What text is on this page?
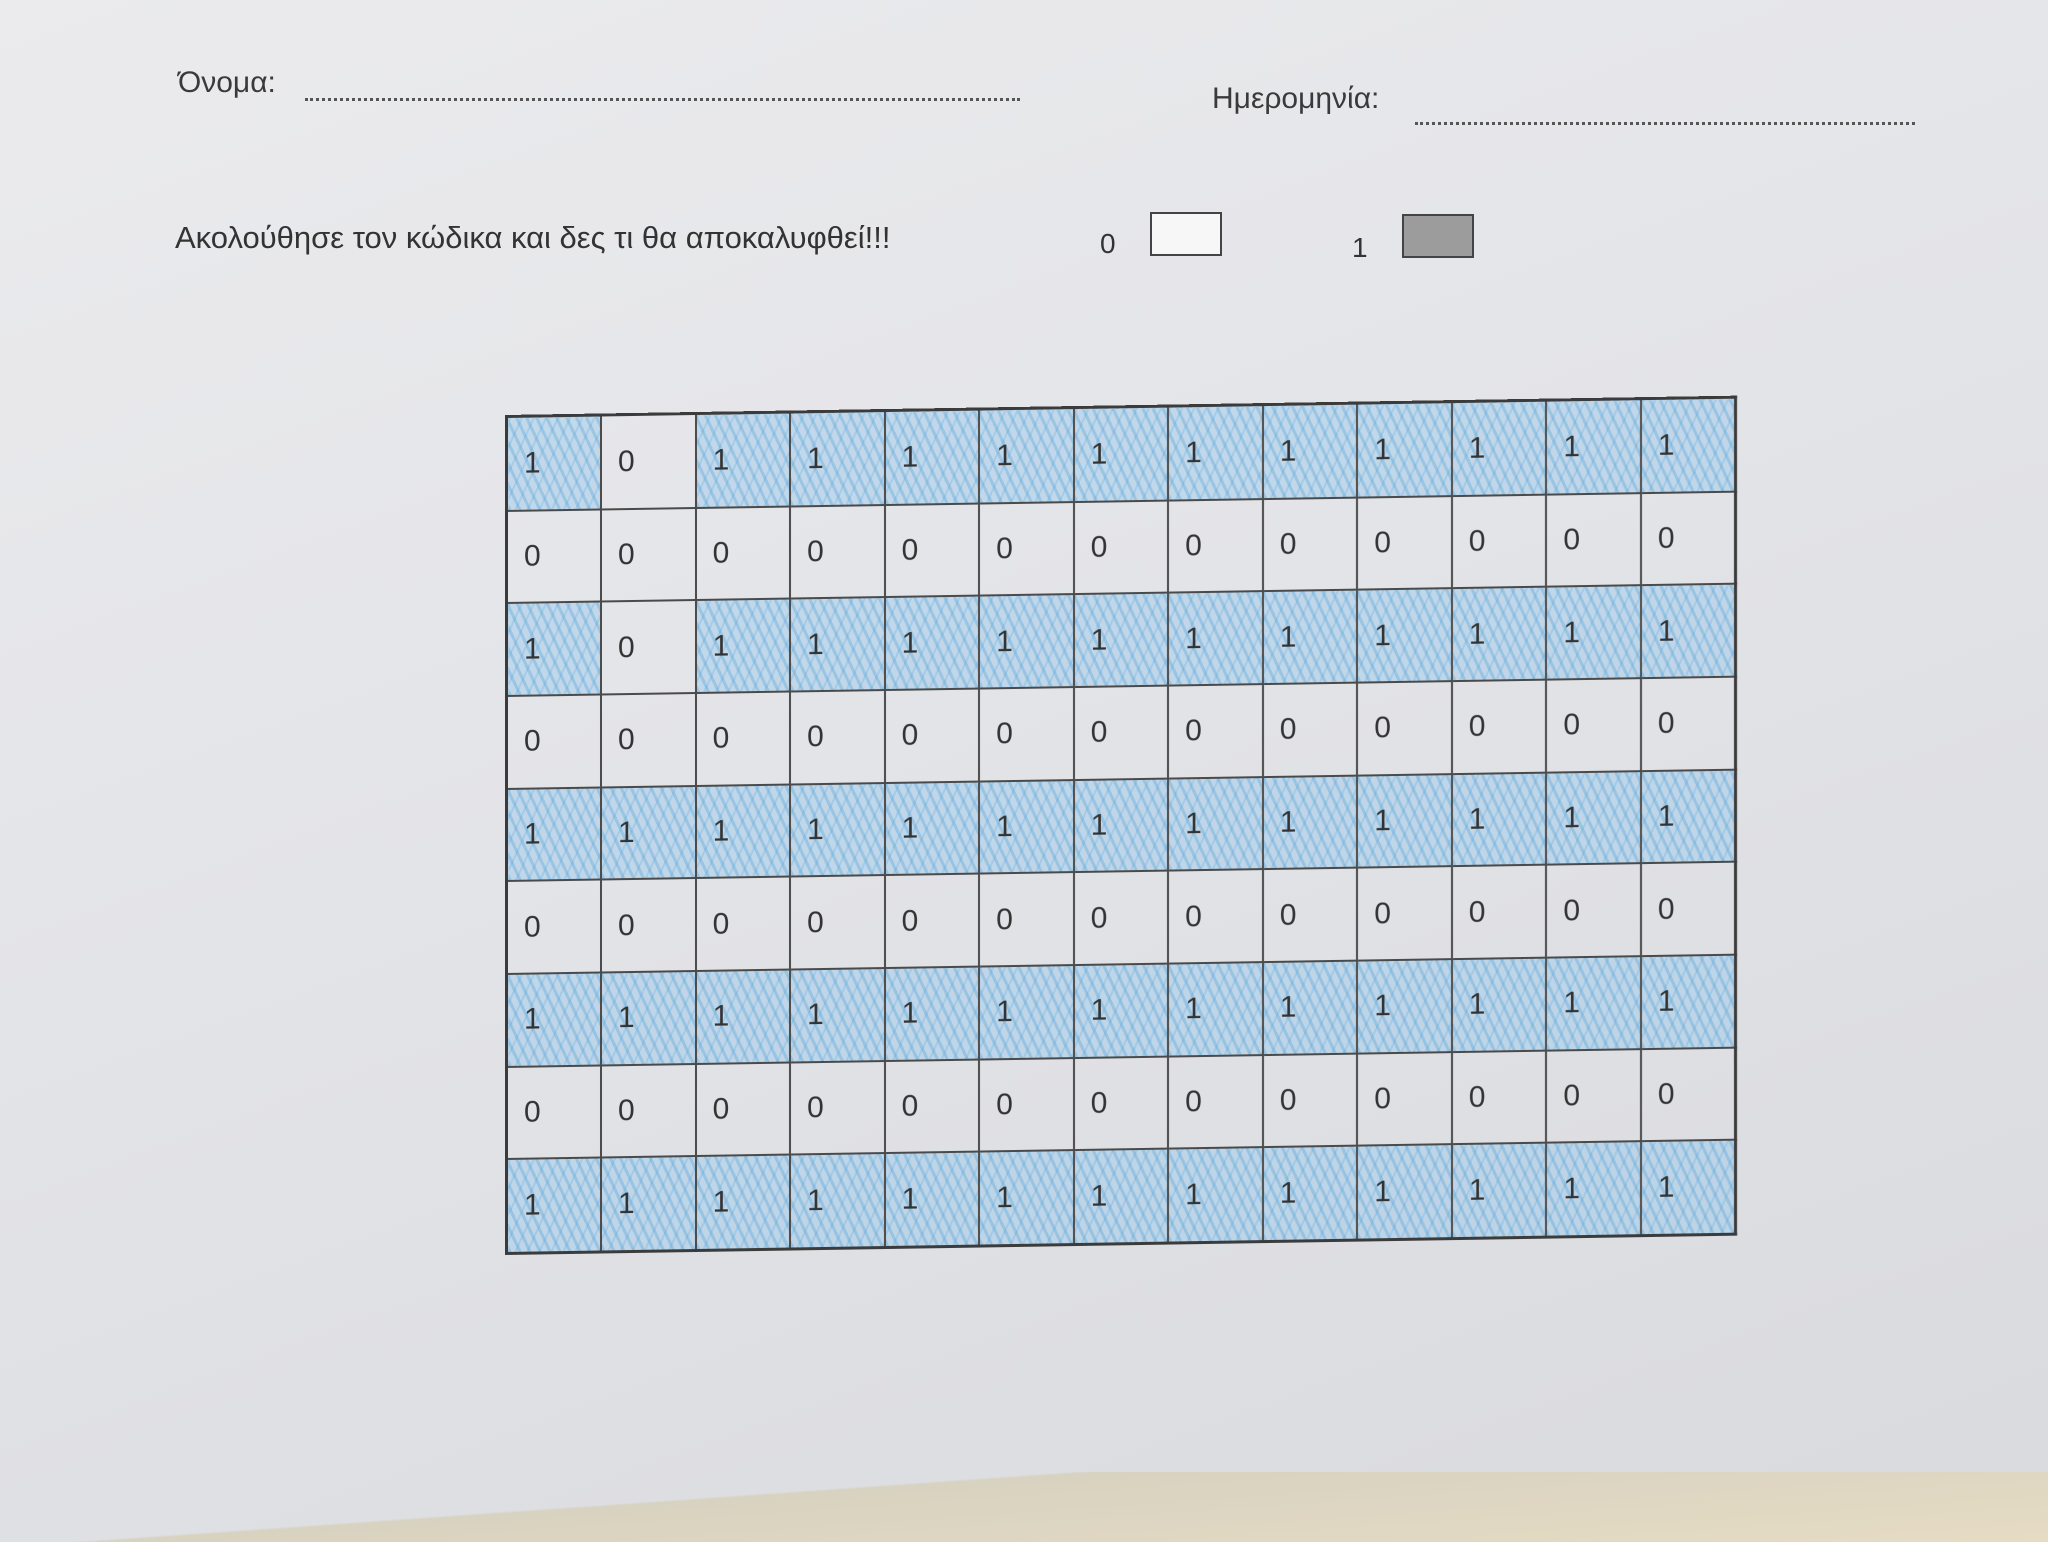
Όνομα:	Ημερομηνία:
Ακολούθησε τον κώδικα και δες τι θα αποκαλυφθεί!!!	0	1
1	0	1	1	1	1	1	1	1	1	1	1	1
0	0	0	0	0	0	0	0	0	0	0	0	0
1	0	1	1	1	1	1	1	1	1	1	1	1
0	0	0	0	0	0	0	0	0	0	0	0	0
1	1	1	1	1	1	1	1	1	1	1	1	1
0	0	0	0	0	0	0	0	0	0	0	0	0
1	1	1	1	1	1	1	1	1	1	1	1	1
0	0	0	0	0	0	0	0	0	0	0	0	0
1	1	1	1	1	1	1	1	1	1	1	1	1
